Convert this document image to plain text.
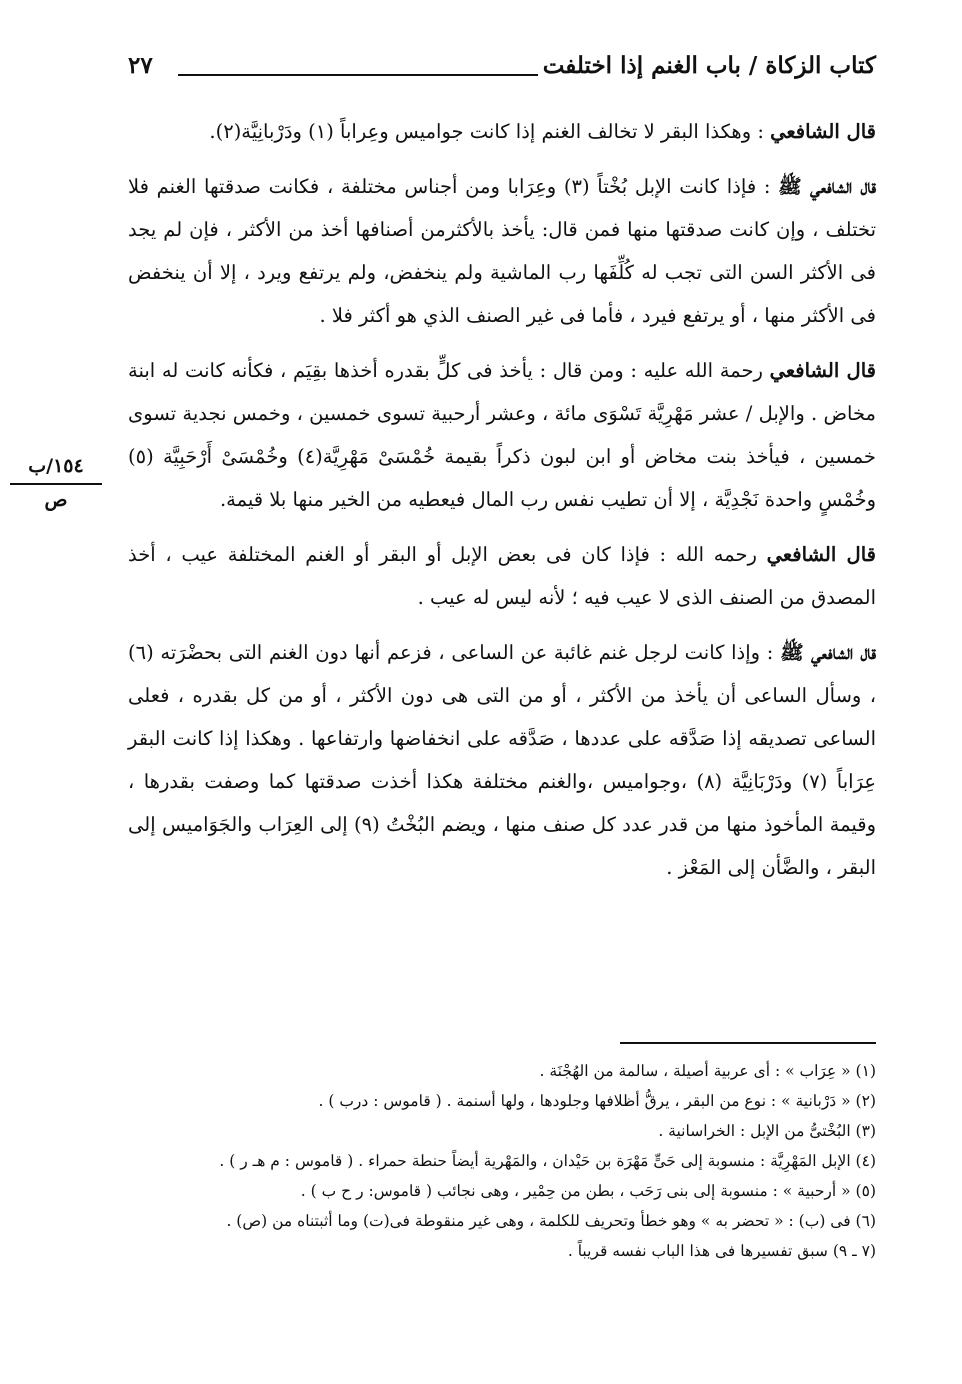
كتاب الزكاة / باب الغنم إذا اختلفت
٢٧
١٥٤/ب
ص

قال الشافعي : وهكذا البقر لا تخالف الغنم إذا كانت جواميس وعِراباً (١) ودَرْبانِيَّة(٢).

قال الشافعي ﷺ : فإذا كانت الإبل بُخْتاً (٣) وعِرَابا ومن أجناس مختلفة ، فكانت صدقتها الغنم فلا تختلف ، وإن كانت صدقتها منها فمن قال: يأخذ بالأكثرمن أصنافها أخذ من الأكثر ، فإن لم يجد فى الأكثر السن التى تجب له كُلِّفَها رب الماشية ولم ينخفض، ولم يرتفع ويرد ، إلا أن ينخفض فى الأكثر منها ، أو يرتفع فيرد ، فأما فى غير الصنف الذي هو أكثر فلا .

قال الشافعي رحمة الله عليه : ومن قال : يأخذ فى كلٍّ بقدره أخذها بقِيَم ، فكأنه كانت له ابنة مخاض . والإبل / عشر مَهْرِيَّة تَسْوَى مائة ، وعشر أرحبية تسوى خمسين ، وخمس نجدية تسوى خمسين ، فيأخذ بنت مخاض أو ابن لبون ذكراً بقيمة خُمْسَىْ مَهْرِيَّة(٤) وخُمْسَىْ أَرْحَبِيَّة (٥) وخُمْسٍ واحدة نَجْدِيَّة ، إلا أن تطيب نفس رب المال فيعطيه من الخير منها بلا قيمة.

قال الشافعي رحمه الله : فإذا كان فى بعض الإبل أو البقر أو الغنم المختلفة عيب ، أخذ المصدق من الصنف الذى لا عيب فيه ؛ لأنه ليس له عيب .

قال الشافعي ﷺ : وإذا كانت لرجل غنم غائبة عن الساعى ، فزعم أنها دون الغنم التى بحضْرَته (٦) ، وسأل الساعى أن يأخذ من الأكثر ، أو من التى هى دون الأكثر ، أو من كل بقدره ، فعلى الساعى تصديقه إذا صَدَّقه على عددها ، صَدَّقه على انخفاضها وارتفاعها . وهكذا إذا كانت البقر عِرَاباً (٧) ودَرْبَانِيَّة (٨) ،وجواميس ،والغنم مختلفة هكذا أخذت صدقتها كما وصفت بقدرها ، وقيمة المأخوذ منها من قدر عدد كل صنف منها ، ويضم البُخْتُ (٩) إلى العِرَاب والجَوَاميس إلى البقر ، والضَّأن إلى المَعْز .

(١) « عِرَاب » : أى عربية أصيلة ، سالمة من الهُجْنَة .

(٢) « دَرْبانية » : نوع من البقر ، يرقُّ أظلافها وجلودها ، ولها أسنمة . ( قاموس : درب ) .

(٣) البُخْتىُّ من الإبل : الخراسانية .

(٤) الإبل المَهْرِيَّة : منسوبة إلى حَىٍّ مَهْرَة بن حَيْدان ، والمَهْرية أيضاً حنطة حمراء . ( قاموس : م هـ ر ) .

(٥) « أرحبية » : منسوبة إلى بنى رَحَب ، بطن من حِمْير ، وهى نجائب ( قاموس: ر ح ب ) .

(٦) فى (ب) : « تحضر به » وهو خطأ وتحريف للكلمة ، وهى غير منقوطة فى(ت) وما أثبتناه من (ص) .

(٧ ـ ٩) سبق تفسيرها فى هذا الباب نفسه قريباً .
